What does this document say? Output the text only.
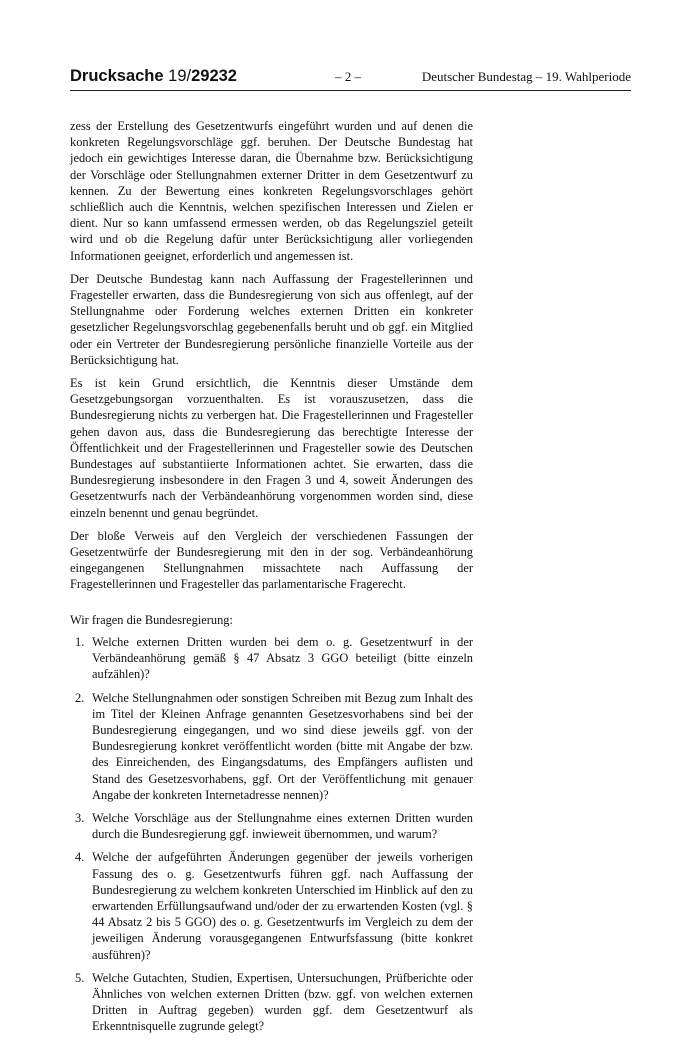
Drucksache 19/29232	– 2 –	Deutscher Bundestag – 19. Wahlperiode

zess der Erstellung des Gesetzentwurfs eingeführt wurden und auf denen die konkreten Regelungsvorschläge ggf. beruhen. Der Deutsche Bundestag hat jedoch ein gewichtiges Interesse daran, die Übernahme bzw. Berücksichtigung der Vorschläge oder Stellungnahmen externer Dritter in dem Gesetzentwurf zu kennen. Zu der Bewertung eines konkreten Regelungsvorschlages gehört schließlich auch die Kenntnis, welchen spezifischen Interessen und Zielen er dient. Nur so kann umfassend ermessen werden, ob das Regelungsziel geteilt wird und ob die Regelung dafür unter Berücksichtigung aller vorliegenden Informationen geeignet, erforderlich und angemessen ist.

Der Deutsche Bundestag kann nach Auffassung der Fragestellerinnen und Fragesteller erwarten, dass die Bundesregierung von sich aus offenlegt, auf der Stellungnahme oder Forderung welches externen Dritten ein konkreter gesetzlicher Regelungsvorschlag gegebenenfalls beruht und ob ggf. ein Mitglied oder ein Vertreter der Bundesregierung persönliche finanzielle Vorteile aus der Berücksichtigung hat.

Es ist kein Grund ersichtlich, die Kenntnis dieser Umstände dem Gesetzgebungsorgan vorzuenthalten. Es ist vorauszusetzen, dass die Bundesregierung nichts zu verbergen hat. Die Fragestellerinnen und Fragesteller gehen davon aus, dass die Bundesregierung das berechtigte Interesse der Öffentlichkeit und der Fragestellerinnen und Fragesteller sowie des Deutschen Bundestages auf substantiierte Informationen achtet. Sie erwarten, dass die Bundesregierung insbesondere in den Fragen 3 und 4, soweit Änderungen des Gesetzentwurfs nach der Verbändeanhörung vorgenommen worden sind, diese einzeln benennt und genau begründet.

Der bloße Verweis auf den Vergleich der verschiedenen Fassungen der Gesetzentwürfe der Bundesregierung mit den in der sog. Verbändeanhörung eingegangenen Stellungnahmen missachtete nach Auffassung der Fragestellerinnen und Fragesteller das parlamentarische Fragerecht.

Wir fragen die Bundesregierung:

1. Welche externen Dritten wurden bei dem o. g. Gesetzentwurf in der Verbändeanhörung gemäß § 47 Absatz 3 GGO beteiligt (bitte einzeln aufzählen)?
2. Welche Stellungnahmen oder sonstigen Schreiben mit Bezug zum Inhalt des im Titel der Kleinen Anfrage genannten Gesetzesvorhabens sind bei der Bundesregierung eingegangen, und wo sind diese jeweils ggf. von der Bundesregierung konkret veröffentlicht worden (bitte mit Angabe der bzw. des Einreichenden, des Eingangsdatums, des Empfängers auflisten und Stand des Gesetzesvorhabens, ggf. Ort der Veröffentlichung mit genauer Angabe der konkreten Internetadresse nennen)?
3. Welche Vorschläge aus der Stellungnahme eines externen Dritten wurden durch die Bundesregierung ggf. inwieweit übernommen, und warum?
4. Welche der aufgeführten Änderungen gegenüber der jeweils vorherigen Fassung des o. g. Gesetzentwurfs führen ggf. nach Auffassung der Bundesregierung zu welchem konkreten Unterschied im Hinblick auf den zu erwartenden Erfüllungsaufwand und/oder der zu erwartenden Kosten (vgl. § 44 Absatz 2 bis 5 GGO) des o. g. Gesetzentwurfs im Vergleich zu dem der jeweiligen Änderung vorausgegangenen Entwurfsfassung (bitte konkret ausführen)?
5. Welche Gutachten, Studien, Expertisen, Untersuchungen, Prüfberichte oder Ähnliches von welchen externen Dritten (bzw. ggf. von welchen externen Dritten in Auftrag gegeben) wurden ggf. dem Gesetzentwurf als Erkenntnisquelle zugrunde gelegt?
